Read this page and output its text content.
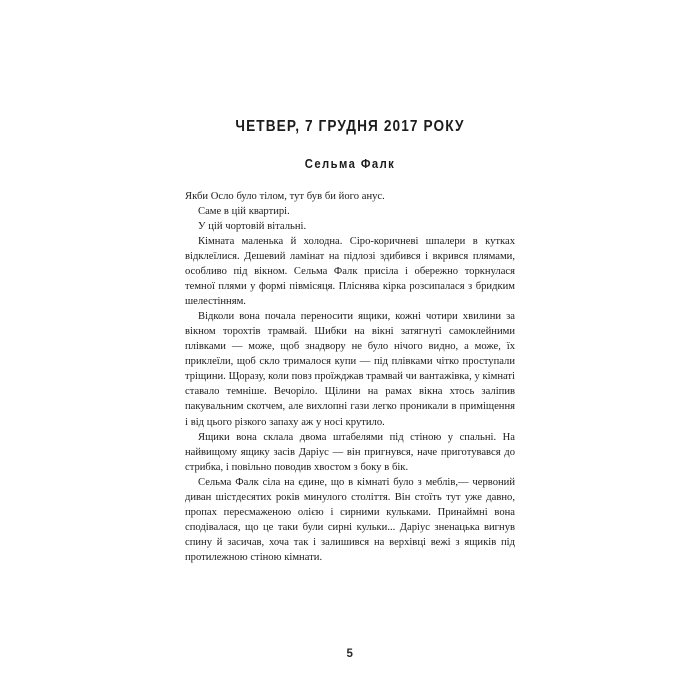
ЧЕТВЕР, 7 ГРУДНЯ 2017 РОКУ
Сельма Фалк

Якби Осло було тілом, тут був би його анус.

Саме в цій квартирі.

У цій чортовій вітальні.

Кімната маленька й холодна. Сіро-коричневі шпалери в кутках відклеїлися. Дешевий ламінат на підлозі здибився і вкрився плямами, особливо під вікном. Сельма Фалк присіла і обережно торкнулася темної плями у формі півмісяця. Пліснява кірка розсипалася з бридким шелестінням.

Відколи вона почала переносити ящики, кожні чотири хвилини за вікном торохтів трамвай. Шибки на вікні затягнуті самоклейними плівками — може, щоб знадвору не було нічого видно, а може, їх приклеїли, щоб скло трималося купи — під плівками чітко проступали тріщини. Щоразу, коли повз проїжджав трамвай чи вантажівка, у кімнаті ставало темніше. Вечоріло. Щілини на рамах вікна хтось заліпив пакувальним скотчем, але вихлопні гази легко проникали в приміщення і від цього різкого запаху аж у носі крутило.

Ящики вона склала двома штабелями під стіною у спальні. На найвищому ящику засів Даріус — він пригнувся, наче приготувався до стрибка, і повільно поводив хвостом з боку в бік.

Сельма Фалк сіла на єдине, що в кімнаті було з меблів,— червоний диван шістдесятих років минулого століття. Він стоїть тут уже давно, пропах пересмаженою олією і сирними кульками. Принаймні вона сподівалася, що це таки були сирні кульки... Даріус зненацька вигнув спину й засичав, хоча так і залишився на верхівці вежі з ящиків під протилежною стіною кімнати.

5
